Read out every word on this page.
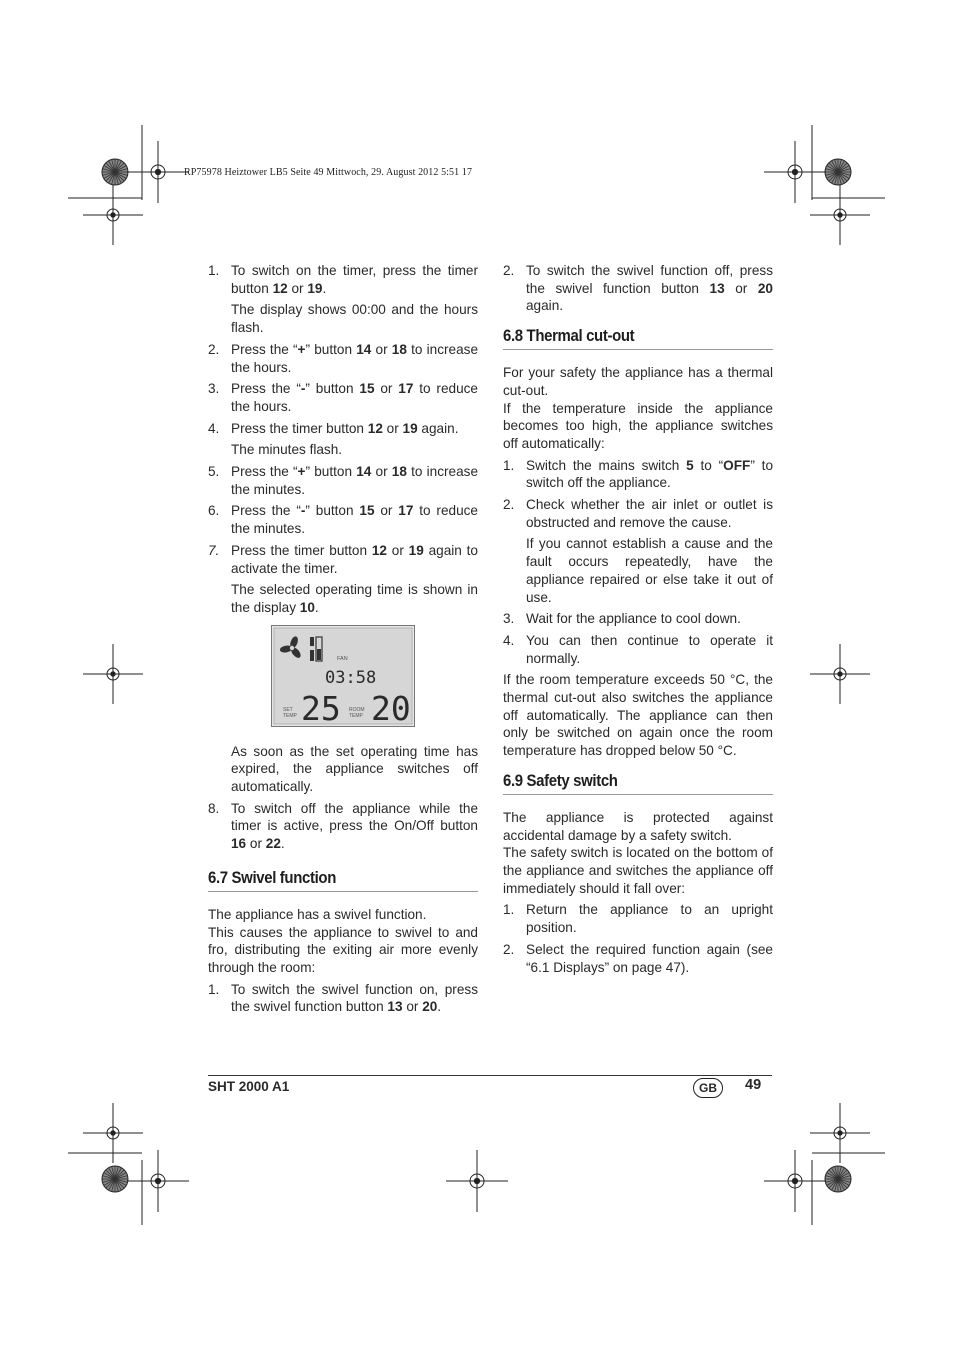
RP75978 Heiztower LB5 Seite 49 Mittwoch, 29. August 2012 5:51 17
1. To switch on the timer, press the timer button 12 or 19.
The display shows 00:00 and the hours flash.
2. Press the “+” button 14 or 18 to increase the hours.
3. Press the “-” button 15 or 17 to reduce the hours.
4. Press the timer button 12 or 19 again.
The minutes flash.
5. Press the “+” button 14 or 18 to increase the minutes.
6. Press the “-” button 15 or 17 to reduce the minutes.
7. Press the timer button 12 or 19 again to activate the timer.
The selected operating time is shown in the display 10.
FAN
03:58
SET
TEMP 25 ROOM
TEMP 20
As soon as the set operating time has expired, the appliance switches off automatically.
8. To switch off the appliance while the timer is active, press the On/Off button 16 or 22.
6.7 Swivel function

The appliance has a swivel function.

This causes the appliance to swivel to and fro, distributing the exiting air more evenly through the room:

1. To switch the swivel function on, press the swivel function button 13 or 20.
2. To switch the swivel function off, press the swivel function button 13 or 20 again.
6.8 Thermal cut-out

For your safety the appliance has a thermal cut-out.

If the temperature inside the appliance becomes too high, the appliance switches off automatically:

1. Switch the mains switch 5 to “OFF” to switch off the appliance.
2. Check whether the air inlet or outlet is obstructed and remove the cause.
If you cannot establish a cause and the fault occurs repeatedly, have the appliance repaired or else take it out of use.
3. Wait for the appliance to cool down.
4. You can then continue to operate it normally.

If the room temperature exceeds 50 °C, the thermal cut-out also switches the appliance off automatically. The appliance can then only be switched on again once the room temperature has dropped below 50 °C.

6.9 Safety switch

The appliance is protected against accidental damage by a safety switch.

The safety switch is located on the bottom of the appliance and switches the appliance off immediately should it fall over:

1. Return the appliance to an upright position.
2. Select the required function again (see “6.1 Displays” on page 47).
SHT 2000 A1	GB	49
